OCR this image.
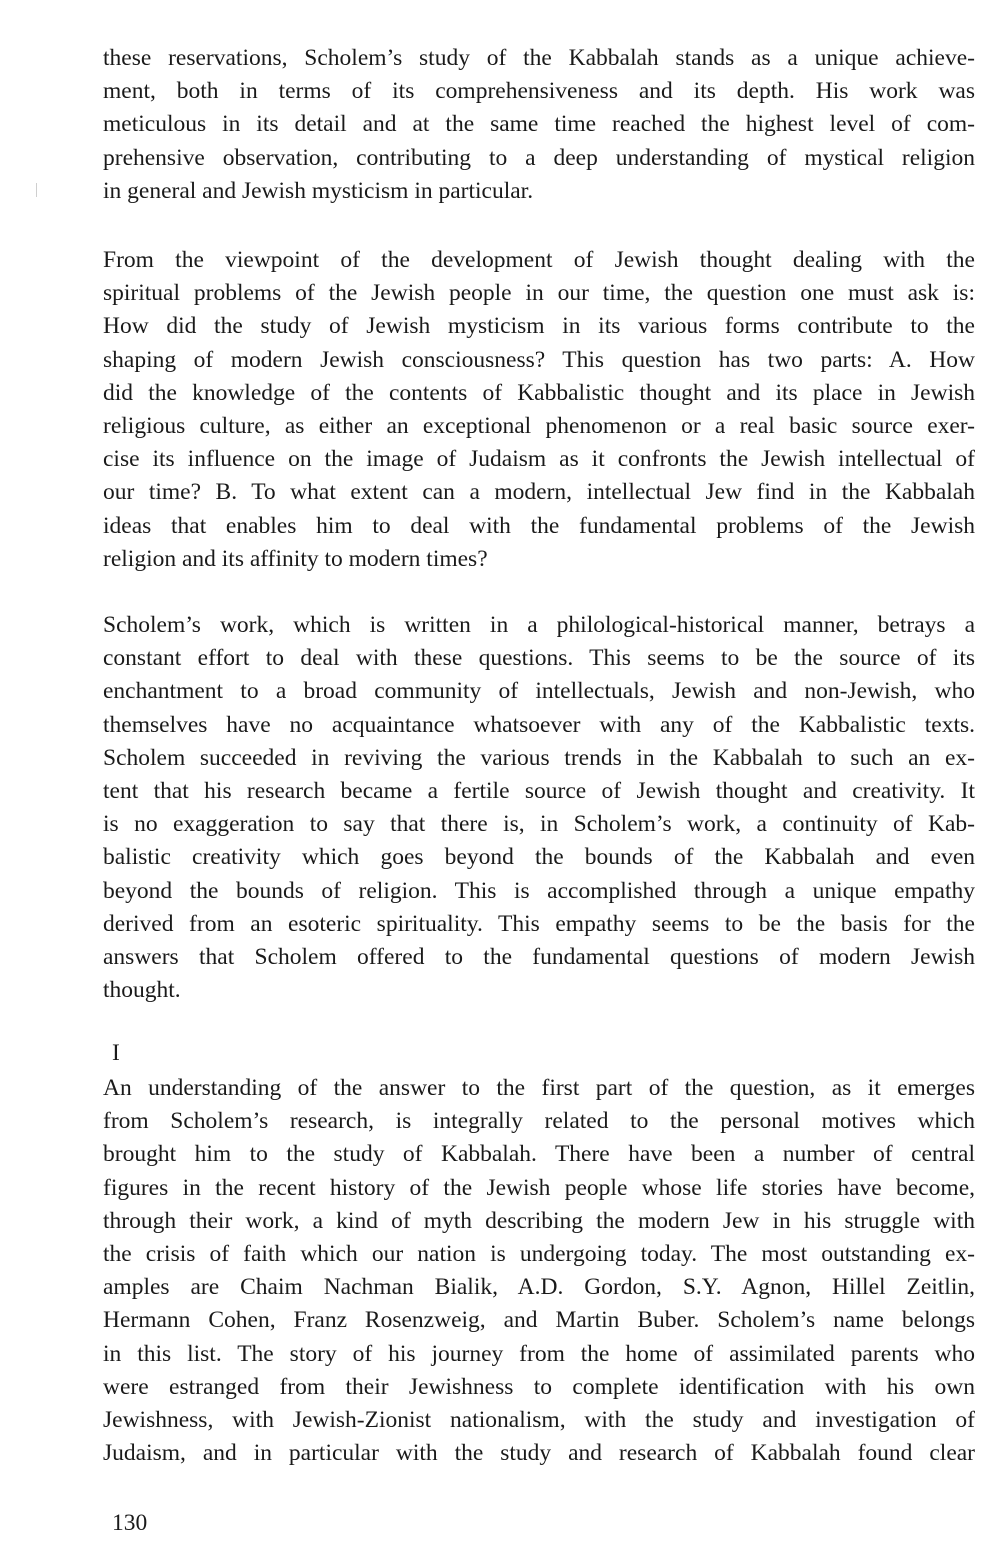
these reservations, Scholem’s study of the Kabbalah stands as a unique achieve-
ment, both in terms of its comprehensiveness and its depth. His work was
meticulous in its detail and at the same time reached the highest level of com-
prehensive observation, contributing to a deep understanding of mystical religion
in general and Jewish mysticism in particular.
From the viewpoint of the development of Jewish thought dealing with the
spiritual problems of the Jewish people in our time, the question one must ask is:
How did the study of Jewish mysticism in its various forms contribute to the
shaping of modern Jewish consciousness? This question has two parts: A. How
did the knowledge of the contents of Kabbalistic thought and its place in Jewish
religious culture, as either an exceptional phenomenon or a real basic source exer-
cise its influence on the image of Judaism as it confronts the Jewish intellectual of
our time? B. To what extent can a modern, intellectual Jew find in the Kabbalah
ideas that enables him to deal with the fundamental problems of the Jewish
religion and its affinity to modern times?
Scholem’s work, which is written in a philological-historical manner, betrays a
constant effort to deal with these questions. This seems to be the source of its
enchantment to a broad community of intellectuals, Jewish and non-Jewish, who
themselves have no acquaintance whatsoever with any of the Kabbalistic texts.
Scholem succeeded in reviving the various trends in the Kabbalah to such an ex-
tent that his research became a fertile source of Jewish thought and creativity. It
is no exaggeration to say that there is, in Scholem’s work, a continuity of Kab-
balistic creativity which goes beyond the bounds of the Kabbalah and even
beyond the bounds of religion. This is accomplished through a unique empathy
derived from an esoteric spirituality. This empathy seems to be the basis for the
answers that Scholem offered to the fundamental questions of modern Jewish
thought.
I
An understanding of the answer to the first part of the question, as it emerges
from Scholem’s research, is integrally related to the personal motives which
brought him to the study of Kabbalah. There have been a number of central
figures in the recent history of the Jewish people whose life stories have become,
through their work, a kind of myth describing the modern Jew in his struggle with
the crisis of faith which our nation is undergoing today. The most outstanding ex-
amples are Chaim Nachman Bialik, A.D. Gordon, S.Y. Agnon, Hillel Zeitlin,
Hermann Cohen, Franz Rosenzweig, and Martin Buber. Scholem’s name belongs
in this list. The story of his journey from the home of assimilated parents who
were estranged from their Jewishness to complete identification with his own
Jewishness, with Jewish-Zionist nationalism, with the study and investigation of
Judaism, and in particular with the study and research of Kabbalah found clear
130
